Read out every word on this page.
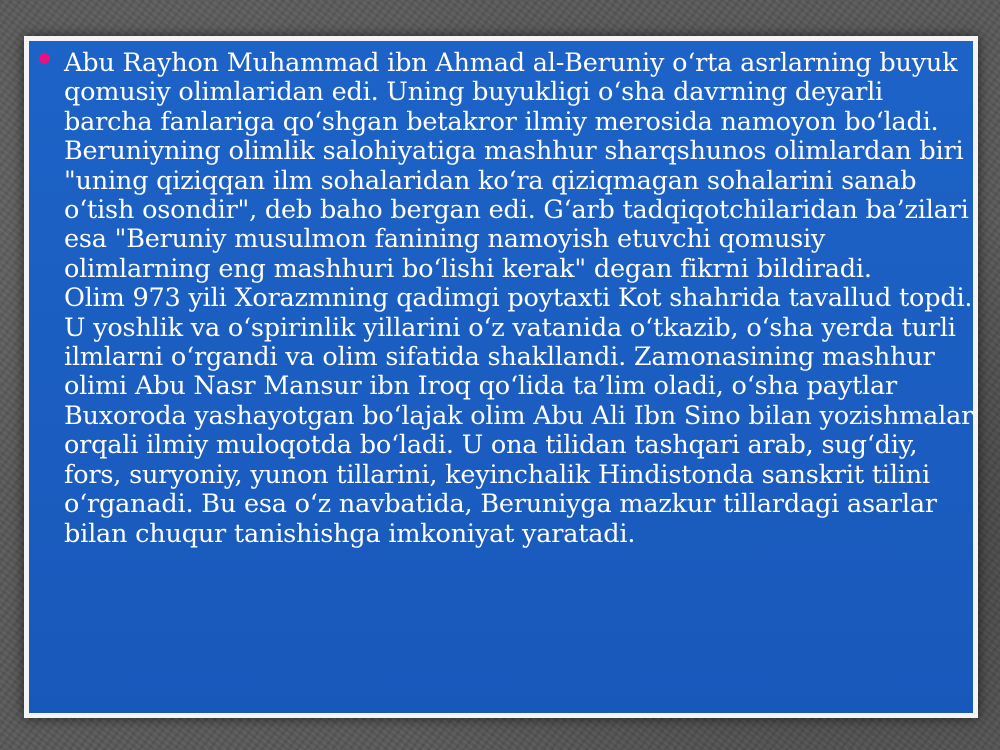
Abu Rayhon Muhammad ibn Ahmad al-Beruniy o‘rta asrlarning buyuk qomusiy olimlaridan edi. Uning buyukligi o‘sha davrning deyarli barcha fanlariga qo‘shgan betakror ilmiy merosida namoyon bo‘ladi. Beruniyning olimlik salohiyatiga mashhur sharqshunos olimlardan biri "uning qiziqqan ilm sohalaridan ko‘ra qiziqmagan sohalarini sanab o‘tish osondir", deb baho bergan edi. G‘arb tadqiqotchilaridan ba’zilari esa "Beruniy musulmon fanining namoyish etuvchi qomusiy olimlarning eng mashhuri bo‘lishi kerak" degan fikrni bildiradi.

Olim 973 yili Xorazmning qadimgi poytaxti Kot shahrida tavallud topdi. U yoshlik va o‘spirinlik yillarini o‘z vatanida o‘tkazib, o‘sha yerda turli ilmlarni o‘rgandi va olim sifatida shakllandi. Zamonasining mashhur olimi Abu Nasr Mansur ibn Iroq qo‘lida ta’lim oladi, o‘sha paytlar Buxoroda yashayotgan bo‘lajak olim Abu Ali Ibn Sino bilan yozishmalar orqali ilmiy muloqotda bo‘ladi. U ona tilidan tashqari arab, sug‘diy, fors, suryoniy, yunon tillarini, keyinchalik Hindistonda sanskrit tilini o‘rganadi. Bu esa o‘z navbatida, Beruniyga mazkur tillardagi asarlar bilan chuqur tanishishga imkoniyat yaratadi.
